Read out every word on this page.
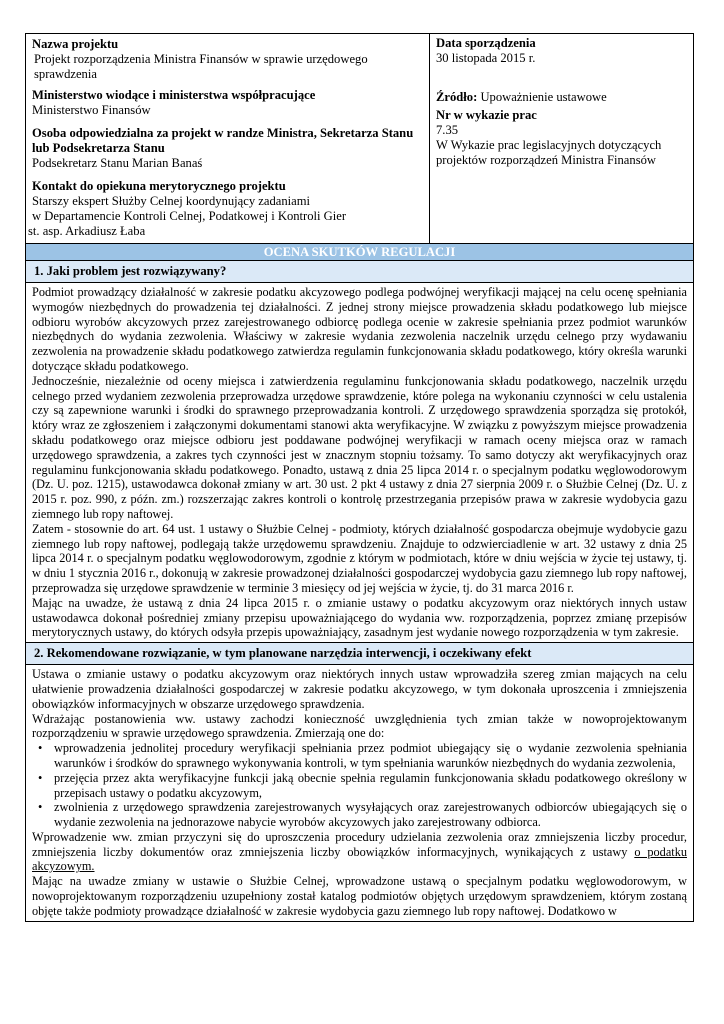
Nazwa projektu
Projekt rozporządzenia Ministra Finansów w sprawie urzędowego sprawdzenia
Ministerstwo wiodące i ministerstwa współpracujące
Ministerstwo Finansów
Osoba odpowiedzialna za projekt w randze Ministra, Sekretarza Stanu lub Podsekretarza Stanu
Podsekretarz Stanu Marian Banaś
Kontakt do opiekuna merytorycznego projektu
Starszy ekspert Służby Celnej koordynujący zadaniami
w Departamencie Kontroli Celnej, Podatkowej i Kontroli Gier
st. asp. Arkadiusz Łaba
Data sporządzenia
30 listopada 2015 r.
Źródło: Upoważnienie ustawowe
Nr w wykazie prac
7.35
W Wykazie prac legislacyjnych dotyczących projektów rozporządzeń Ministra Finansów
OCENA SKUTKÓW REGULACJI
1. Jaki problem jest rozwiązywany?

Podmiot prowadzący działalność w zakresie podatku akcyzowego podlega podwójnej weryfikacji mającej na celu ocenę spełniania wymogów niezbędnych do prowadzenia tej działalności. Z jednej strony miejsce prowadzenia składu podatkowego lub miejsce odbioru wyrobów akcyzowych przez zarejestrowanego odbiorcę podlega ocenie w zakresie spełniania przez podmiot warunków niezbędnych do wydania zezwolenia. Właściwy w zakresie wydania zezwolenia naczelnik urzędu celnego przy wydawaniu zezwolenia na prowadzenie składu podatkowego zatwierdza regulamin funkcjonowania składu podatkowego, który określa warunki dotyczące składu podatkowego.

Jednocześnie, niezależnie od oceny miejsca i zatwierdzenia regulaminu funkcjonowania składu podatkowego, naczelnik urzędu celnego przed wydaniem zezwolenia przeprowadza urzędowe sprawdzenie, które polega na wykonaniu czynności w celu ustalenia czy są zapewnione warunki i środki do sprawnego przeprowadzania kontroli. Z urzędowego sprawdzenia sporządza się protokół, który wraz ze zgłoszeniem i załączonymi dokumentami stanowi akta weryfikacyjne. W związku z powyższym miejsce prowadzenia składu podatkowego oraz miejsce odbioru jest poddawane podwójnej weryfikacji w ramach oceny miejsca oraz w ramach urzędowego sprawdzenia, a zakres tych czynności jest w znacznym stopniu tożsamy. To samo dotyczy akt weryfikacyjnych oraz regulaminu funkcjonowania składu podatkowego. Ponadto, ustawą z dnia 25 lipca 2014 r. o specjalnym podatku węglowodorowym (Dz. U. poz. 1215), ustawodawca dokonał zmiany w art. 30 ust. 2 pkt 4 ustawy z dnia 27 sierpnia 2009 r. o Służbie Celnej (Dz. U. z 2015 r. poz. 990, z późn. zm.) rozszerzając zakres kontroli o kontrolę przestrzegania przepisów prawa w zakresie wydobycia gazu ziemnego lub ropy naftowej.

Zatem - stosownie do art. 64 ust. 1 ustawy o Służbie Celnej - podmioty, których działalność gospodarcza obejmuje wydobycie gazu ziemnego lub ropy naftowej, podlegają także urzędowemu sprawdzeniu. Znajduje to odzwierciadlenie w art. 32 ustawy z dnia 25 lipca 2014 r. o specjalnym podatku węglowodorowym, zgodnie z którym w podmiotach, które w dniu wejścia w życie tej ustawy, tj. w dniu 1 stycznia 2016 r., dokonują w zakresie prowadzonej działalności gospodarczej wydobycia gazu ziemnego lub ropy naftowej, przeprowadza się urzędowe sprawdzenie w terminie 3 miesięcy od jej wejścia w życie, tj. do 31 marca 2016 r.

Mając na uwadze, że ustawą z dnia 24 lipca 2015 r. o zmianie ustawy o podatku akcyzowym oraz niektórych innych ustaw ustawodawca dokonał pośredniej zmiany przepisu upoważniającego do wydania ww. rozporządzenia, poprzez zmianę przepisów merytorycznych ustawy, do których odsyła przepis upoważniający, zasadnym jest wydanie nowego rozporządzenia w tym zakresie.

2. Rekomendowane rozwiązanie, w tym planowane narzędzia interwencji, i oczekiwany efekt

Ustawa o zmianie ustawy o podatku akcyzowym oraz niektórych innych ustaw wprowadziła szereg zmian mających na celu ułatwienie prowadzenia działalności gospodarczej w zakresie podatku akcyzowego, w tym dokonała uproszcenia i zmniejszenia obowiązków informacyjnych w obszarze urzędowego sprawdzenia.

Wdrażając postanowienia ww. ustawy zachodzi konieczność uwzględnienia tych zmian także w nowoprojektowanym rozporządzeniu w sprawie urzędowego sprawdzenia. Zmierzają one do:

• wprowadzenia jednolitej procedury weryfikacji spełniania przez podmiot ubiegający się o wydanie zezwolenia spełniania warunków i środków do sprawnego wykonywania kontroli, w tym spełniania warunków niezbędnych do wydania zezwolenia,
• przejęcia przez akta weryfikacyjne funkcji jaką obecnie spełnia regulamin funkcjonowania składu podatkowego określony w przepisach ustawy o podatku akcyzowym,
• zwolnienia z urzędowego sprawdzenia zarejestrowanych wysyłających oraz zarejestrowanych odbiorców ubiegających się o wydanie zezwolenia na jednorazowe nabycie wyrobów akcyzowych jako zarejestrowany odbiorca.

Wprowadzenie ww. zmian przyczyni się do uproszczenia procedury udzielania zezwolenia oraz zmniejszenia liczby procedur, zmniejszenia liczby dokumentów oraz zmniejszenia liczby obowiązków informacyjnych, wynikających z ustawy o podatku akcyzowym.

Mając na uwadze zmiany w ustawie o Służbie Celnej, wprowadzone ustawą o specjalnym podatku węglowodorowym, w nowoprojektowanym rozporządzeniu uzupełniony został katalog podmiotów objętych urzędowym sprawdzeniem, którym zostaną objęte także podmioty prowadzące działalność w zakresie wydobycia gazu ziemnego lub ropy naftowej. Dodatkowo w
